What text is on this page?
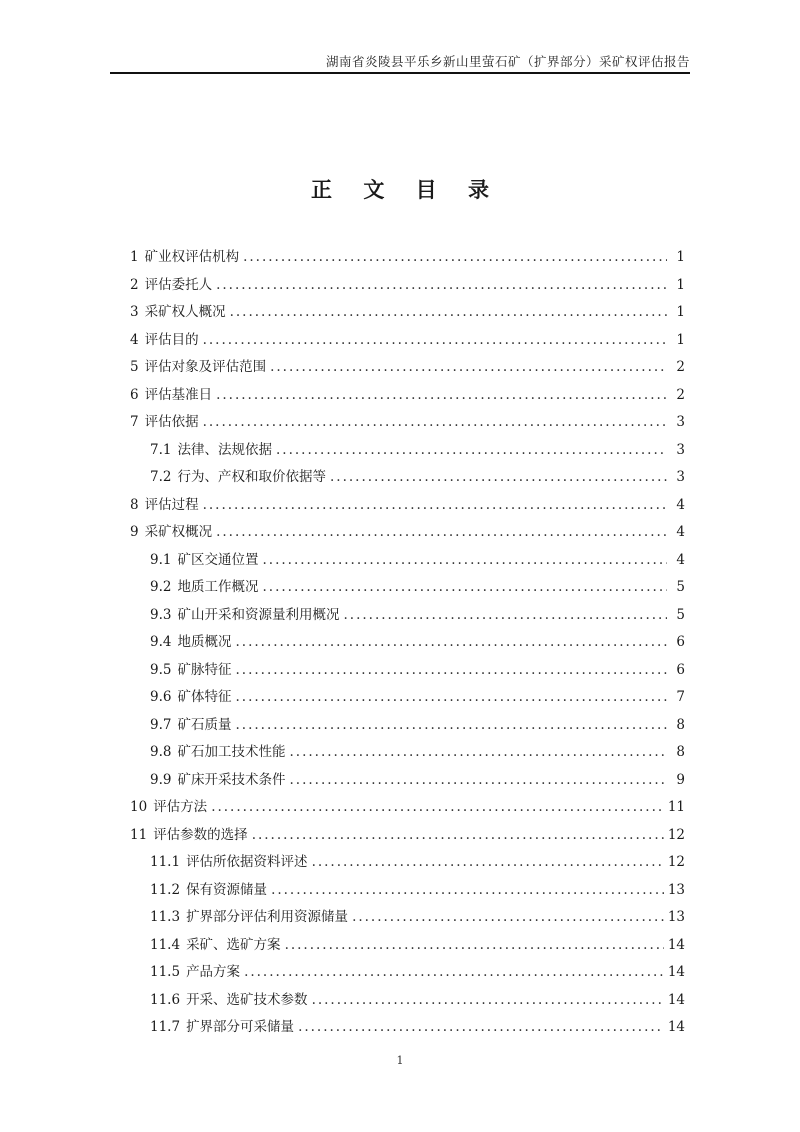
湖南省炎陵县平乐乡新山里萤石矿（扩界部分）采矿权评估报告
正 文 目 录
1 矿业权评估机构 .....	1
2 评估委托人 .....	1
3 采矿权人概况 .....	1
4 评估目的 .....	1
5 评估对象及评估范围 .....	2
6 评估基准日 .....	2
7 评估依据 .....	3
7.1 法律、法规依据 .....	3
7.2 行为、产权和取价依据等 .....	3
8 评估过程 .....	4
9 采矿权概况 .....	4
9.1 矿区交通位置 .....	4
9.2 地质工作概况 .....	5
9.3 矿山开采和资源量利用概况 .....	5
9.4 地质概况 .....	6
9.5 矿脉特征 .....	6
9.6 矿体特征 .....	7
9.7 矿石质量 .....	8
9.8 矿石加工技术性能 .....	8
9.9 矿床开采技术条件 .....	9
10 评估方法 .....	11
11 评估参数的选择 .....	12
11.1 评估所依据资料评述 .....	12
11.2 保有资源储量 .....	13
11.3 扩界部分评估利用资源储量 .....	13
11.4 采矿、选矿方案 .....	14
11.5 产品方案 .....	14
11.6 开采、选矿技术参数 .....	14
11.7 扩界部分可采储量 .....	14
1
